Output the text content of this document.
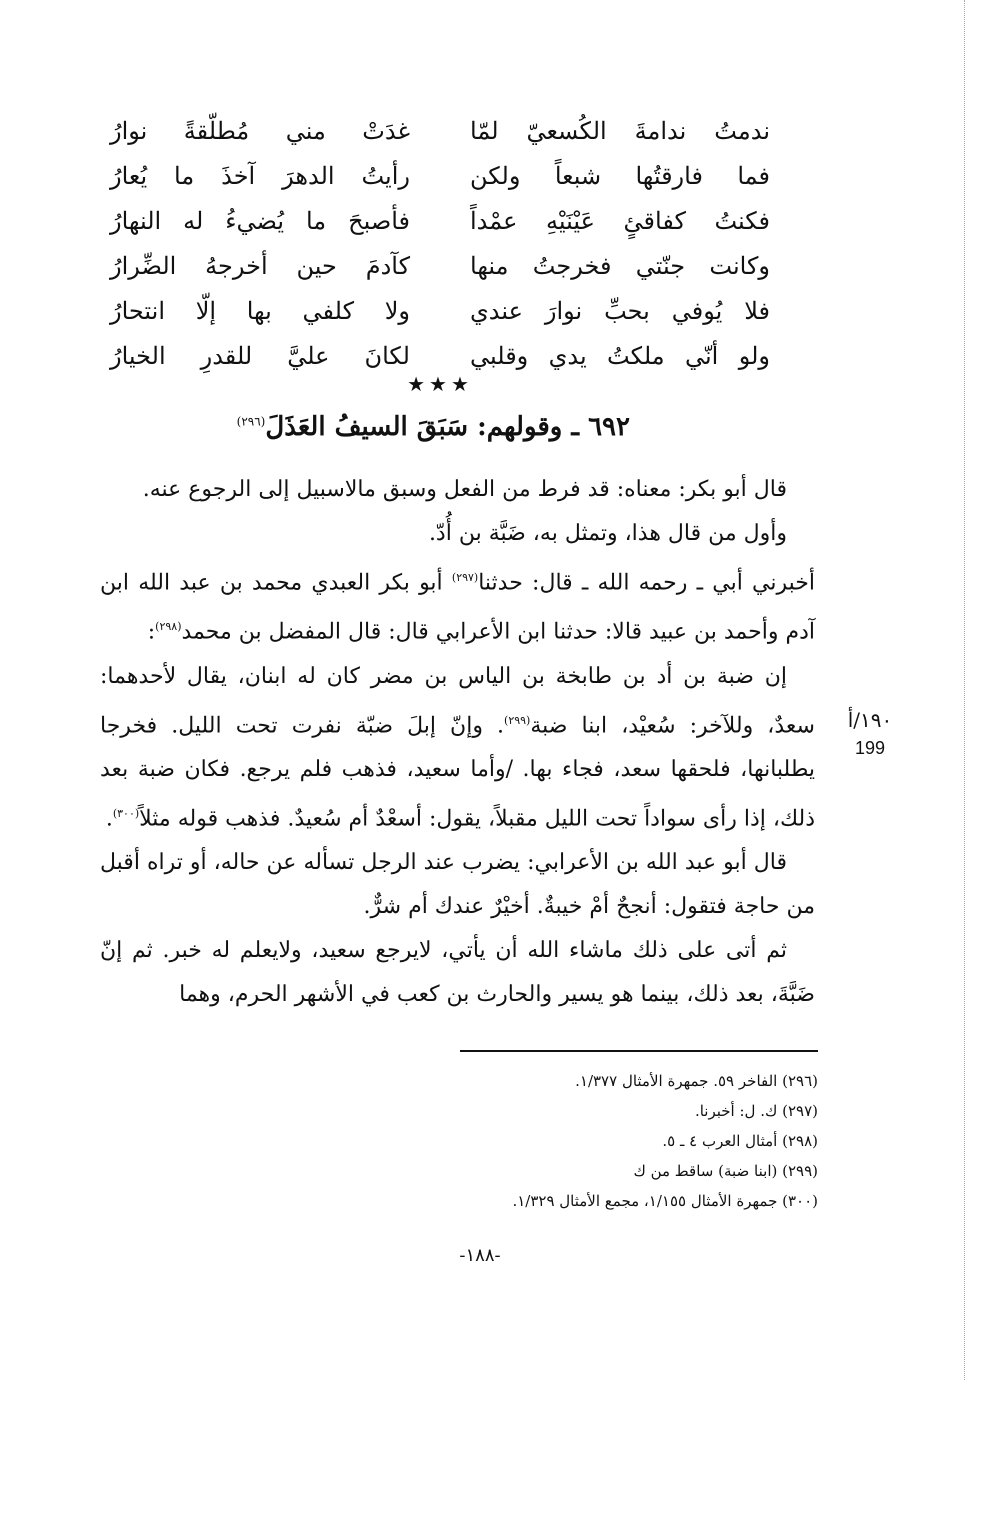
ندمتُ ندامةَ الكُسعيّ لمّا
غدَتْ مني مُطلّقةً نوارُ
فما فارقتُها شبعاً ولكن
رأيتُ الدهرَ آخذَ ما يُعارُ
فكنتُ كفاقئٍ عَيْنَيْهِ عمْداً
فأصبحَ ما يُضيءُ له النهارُ
وكانت جنّتي فخرجتُ منها
كآدمَ حين أخرجهُ الضِّرارُ
فلا يُوفي بحبِّ نوارَ عندي
ولا كلفي بها إلّا انتحارُ
ولو أنّي ملكتُ يدي وقلبي
لكانَ عليَّ للقدرِ الخيارُ
★★★
٦٩٢ ـ وقولهم: سَبَقَ السيفُ العَذَلَ$^{(٢٩٦)}$

قال أبو بكر: معناه: قد فرط من الفعل وسبق مالاسبيل إلى الرجوع عنه.

وأول من قال هذا، وتمثل به، ضَبَّة بن أُدّ.

أخبرني أبي ـ رحمه الله ـ قال: حدثنا$^{(٢٩٧)}$ أبو بكر العبدي محمد بن عبد الله ابن آدم وأحمد بن عبيد قالا: حدثنا ابن الأعرابي قال: قال المفضل بن محمد$^{(٢٩٨)}$:

إن ضبة بن أد بن طابخة بن الياس بن مضر كان له ابنان، يقال لأحدهما: سعدٌ، وللآخر: سُعيْد، ابنا ضبة$^{(٢٩٩)}$. وإنّ إبلَ ضبّة نفرت تحت الليل. فخرجا يطلبانها، فلحقها سعد، فجاء بها. /وأما سعيد، فذهب فلم يرجع. فكان ضبة بعد ذلك، إذا رأى سواداً تحت الليل مقبلاً، يقول: أسعْدٌ أم سُعيدٌ. فذهب قوله مثلاً$^{(٣٠٠)}$.

قال أبو عبد الله بن الأعرابي: يضرب عند الرجل تسأله عن حاله، أو تراه أقبل من حاجة فتقول: أنجحٌ أمْ خيبةٌ. أخيْرٌ عندك أم شرٌّ.

ثم أتى على ذلك ماشاء الله أن يأتي، لايرجع سعيد، ولايعلم له خبر. ثم إنّ ضَبَّةَ، بعد ذلك، بينما هو يسير والحارث بن كعب في الأشهر الحرم، وهما

١٩٠/أ
199
(٢٩٦) الفاخر ٥٩. جمهرة الأمثال ١/٣٧٧.
(٢٩٧) ك. ل: أخبرنا.
(٢٩٨) أمثال العرب ٤ ـ ٥.
(٢٩٩) (ابنا ضبة) ساقط من ك
(٣٠٠) جمهرة الأمثال ١/١٥٥، مجمع الأمثال ١/٣٢٩.
-١٨٨-
